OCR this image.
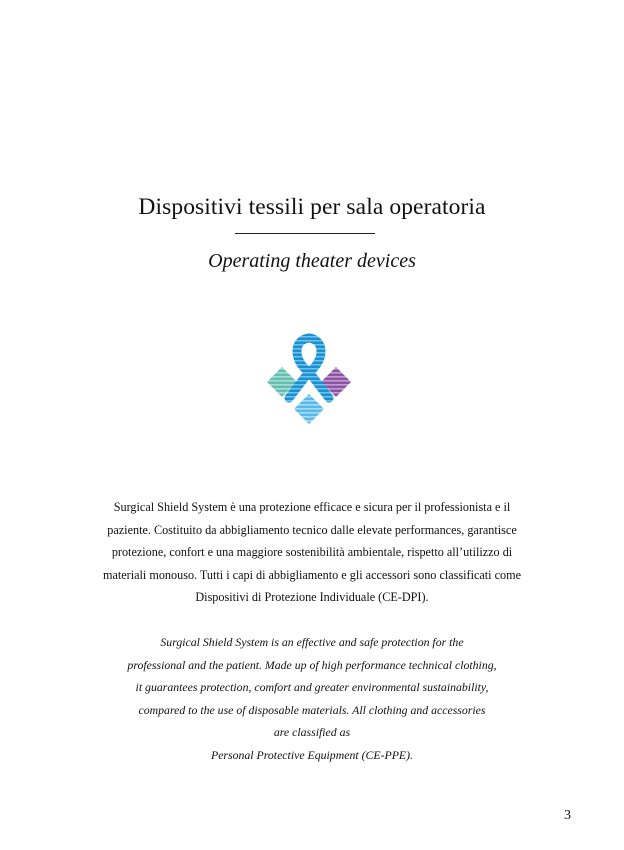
Dispositivi tessili per sala operatoria
Operating theater devices
Surgical Shield System è una protezione efficace e sicura per il professionista e il
paziente. Costituito da abbigliamento tecnico dalle elevate performances, garantisce
protezione, confort e una maggiore sostenibilità ambientale, rispetto all’utilizzo di
materiali monouso. Tutti i capi di abbigliamento e gli accessori sono classificati come
Dispositivi di Protezione Individuale (CE-DPI).
Surgical Shield System is an effective and safe protection for the
professional and the patient. Made up of high performance technical clothing,
it guarantees protection, comfort and greater environmental sustainability,
compared to the use of disposable materials. All clothing and accessories
are classified as
Personal Protective Equipment (CE-PPE).
3
